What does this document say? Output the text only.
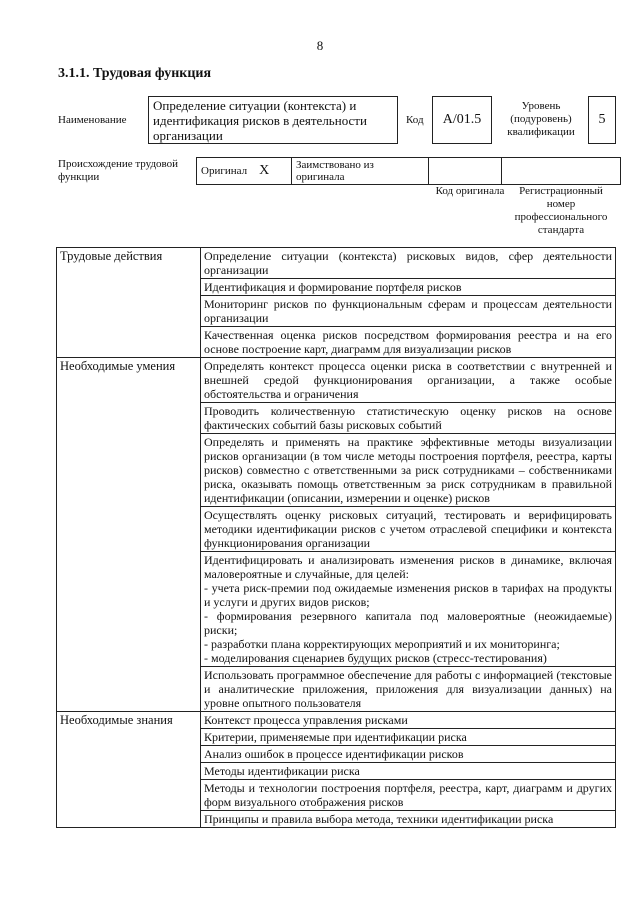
8
3.1.1. Трудовая функция
Наименование
Определение ситуации (контекста) и идентификация рисков в деятельности организации
Код	A/01.5
Уровень (подуровень) квалификации
5
Происхождение трудовой функции	Оригинал X	Заимствовано из оригинала		
Код оригинала	Регистрационный номер профессионального стандарта
Трудовые действия	Определение ситуации (контекста) рисковых видов, сфер деятельности организации
	Идентификация и формирование портфеля рисков
	Мониторинг рисков по функциональным сферам и процессам деятельности организации
	Качественная оценка рисков посредством формирования реестра и на его основе построение карт, диаграмм для визуализации рисков
Необходимые умения	Определять контекст процесса оценки риска в соответствии с внутренней и внешней средой функционирования организации, а также особые обстоятельства и ограничения
	Проводить количественную статистическую оценку рисков на основе фактических событий базы рисковых событий
	Определять и применять на практике эффективные методы визуализации рисков организации (в том числе методы построения портфеля, реестра, карты рисков) совместно с ответственными за риск сотрудниками – собственниками риска, оказывать помощь ответственным за риск сотрудникам в правильной идентификации (описании, измерении и оценке) рисков
	Осуществлять оценку рисковых ситуаций, тестировать и верифицировать методики идентификации рисков с учетом отраслевой специфики и контекста функционирования организации
	Идентифицировать и анализировать изменения рисков в динамике, включая маловероятные и случайные, для целей:
- учета риск-премии под ожидаемые изменения рисков в тарифах на продукты и услуги и других видов рисков;
- формирования резервного капитала под маловероятные (неожидаемые) риски;
- разработки плана корректирующих мероприятий и их мониторинга;
- моделирования сценариев будущих рисков (стресс-тестирования)
	Использовать программное обеспечение для работы с информацией (текстовые и аналитические приложения, приложения для визуализации данных) на уровне опытного пользователя
Необходимые знания	Контекст процесса управления рисками
	Критерии, применяемые при идентификации риска
	Анализ ошибок в процессе идентификации рисков
	Методы идентификации риска
	Методы и технологии построения портфеля, реестра, карт, диаграмм и других форм визуального отображения рисков
	Принципы и правила выбора метода, техники идентификации риска
